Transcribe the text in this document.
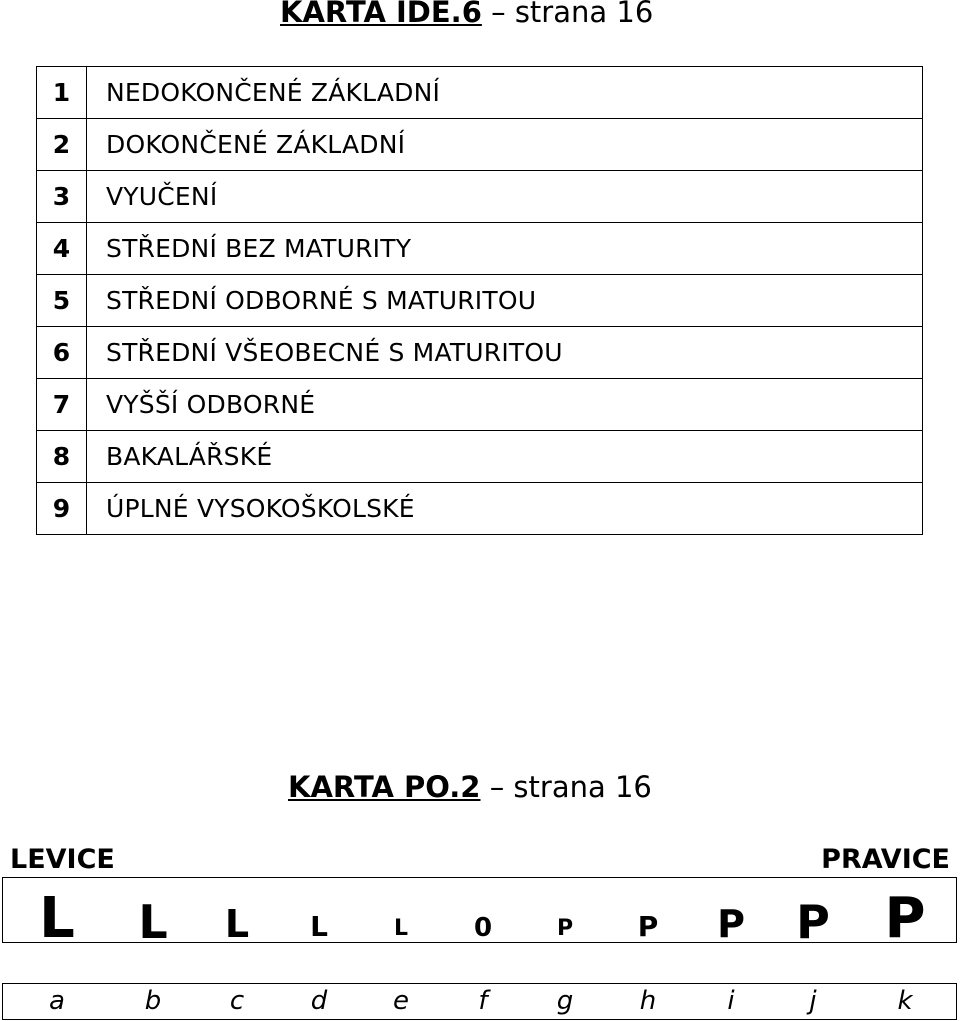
KARTA IDE.6 – strana 16
1	NEDOKONČENÉ ZÁKLADNÍ
2	DOKONČENÉ ZÁKLADNÍ
3	VYUČENÍ
4	STŘEDNÍ BEZ MATURITY
5	STŘEDNÍ ODBORNÉ S MATURITOU
6	STŘEDNÍ VŠEOBECNÉ S MATURITOU
7	VYŠŠÍ ODBORNÉ
8	BAKALÁŘSKÉ
9	ÚPLNÉ VYSOKOŠKOLSKÉ
KARTA PO.2 – strana 16
LEVICE	PRAVICE
L L L L	L	0	P P P P P
a	b	c	d	e	f	g	h	i	j	k
